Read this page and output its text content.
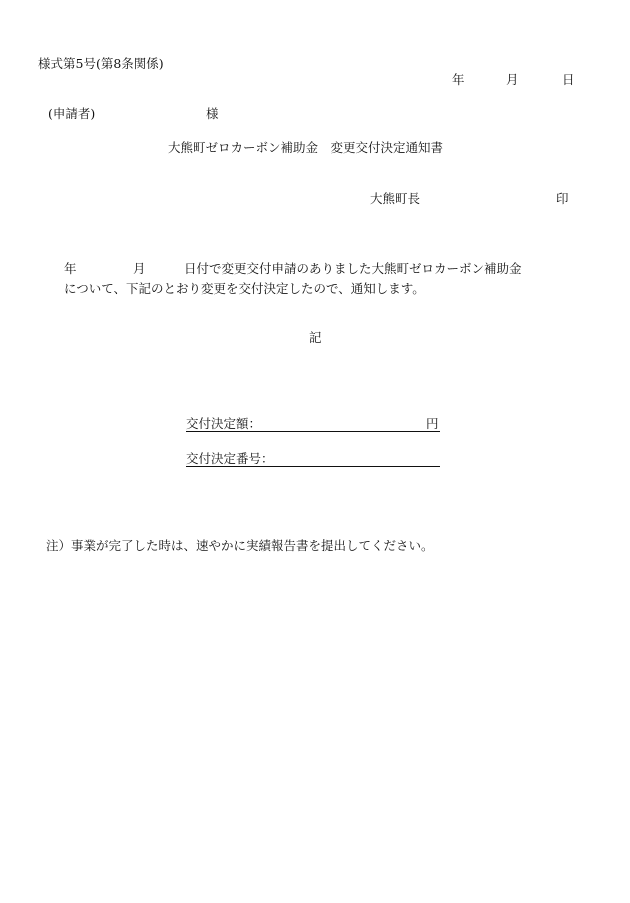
様式第5号(第8条関係)
年	月	日
(申請者)	様
大熊町ゼロカーボン補助金　変更交付決定通知書
大熊町長	印
年	月	日付で変更交付申請のありました大熊町ゼロカーボン補助金
について、下記のとおり変更を交付決定したので、通知します。
記
交付決定額：	円
交付決定番号：
注）事業が完了した時は、速やかに実績報告書を提出してください。
